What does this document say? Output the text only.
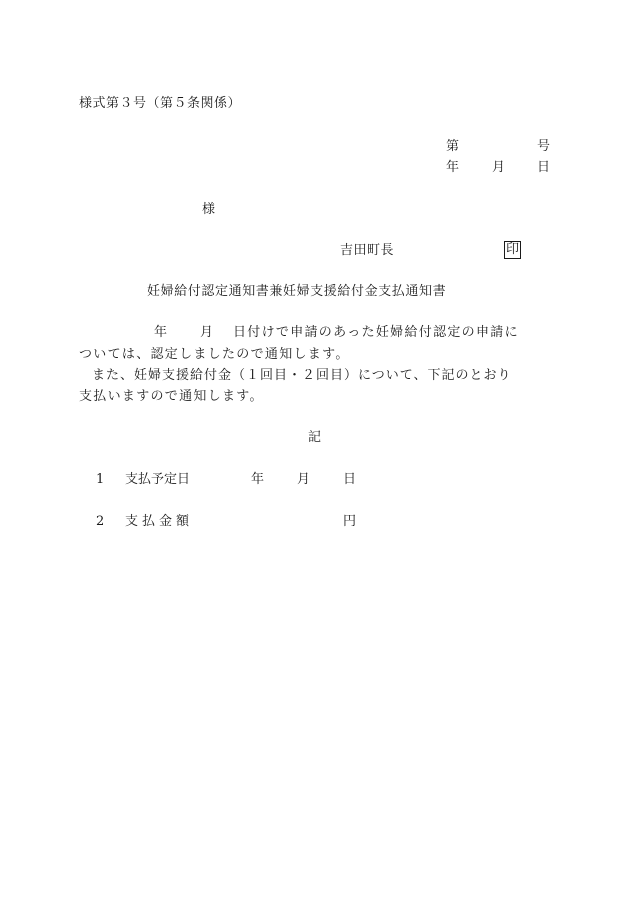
様式第３号（第５条関係）
第	号
年	月 日
様
吉田町長	印
妊婦給付認定通知書兼妊婦支援給付金支払通知書
年	月 日付けで申請のあった妊婦給付認定の申請に
ついては、認定しましたので通知します。
また、妊婦支援給付金（１回目・２回目）について、下記のとおり
支払いますので通知します。
記
1 支払予定日	年	月	日
2 支払金額	円
